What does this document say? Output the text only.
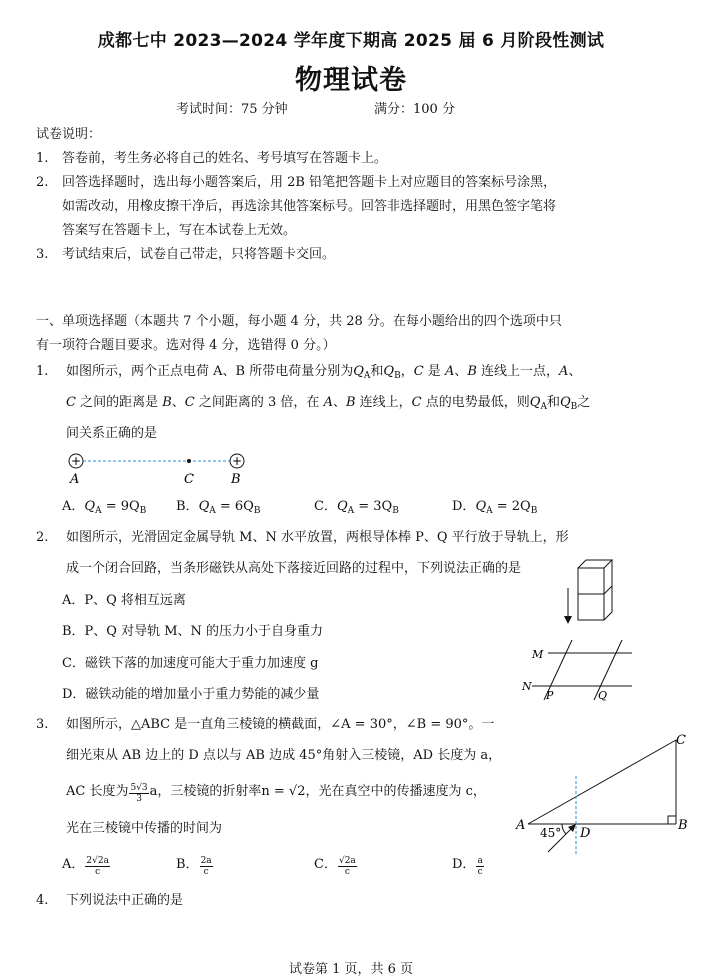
成都七中 2023—2024 学年度下期高 2025 届 6 月阶段性测试
物理试卷
考试时间：75 分钟	满分：100 分
试卷说明：
1. 答卷前，考生务必将自己的姓名、考号填写在答题卡上。
2. 回答选择题时，选出每小题答案后，用 2B 铅笔把答题卡上对应题目的答案标号涂黑，
如需改动，用橡皮擦干净后，再选涂其他答案标号。回答非选择题时，用黑色签字笔将
答案写在答题卡上，写在本试卷上无效。
3. 考试结束后，试卷自己带走，只将答题卡交回。
一、单项选择题（本题共 7 个小题，每小题 4 分，共 28 分。在每小题给出的四个选项中只
有一项符合题目要求。选对得 4 分，选错得 0 分。）
1. 如图所示，两个正点电荷 A、B 所带电荷量分别为$Q_A$和$Q_B$，C 是 A、B 连线上一点，A、
C 之间的距离是 B、C 之间距离的 3 倍，在 A、B 连线上，C 点的电势最低，则$Q_A$和$Q_B$之
间关系正确的是
+	+
A	C	B
A．$Q_A = 9Q_B$ B．$Q_A = 6Q_B$	C．$Q_A = 3Q_B$	D．$Q_A = 2Q_B$
2. 如图所示，光滑固定金属导轨 M、N 水平放置，两根导体棒 P、Q 平行放于导轨上，形
成一个闭合回路，当条形磁铁从高处下落接近回路的过程中，下列说法正确的是
A．P、Q 将相互远离
B．P、Q 对导轨 M、N 的压力小于自身重力
C．磁铁下落的加速度可能大于重力加速度 g
D．磁铁动能的增加量小于重力势能的减少量
M
N
P	Q
3. 如图所示，△ABC 是一直角三棱镜的横截面，∠A = 30°，∠B = 90°。一
细光束从 AB 边上的 D 点以与 AB 边成 45°角射入三棱镜，AD 长度为 a，
AC 长度为 $\frac{5√3}{3}$ a，三棱镜的折射率n = √2，光在真空中的传播速度为 c，
光在三棱镜中传播的时间为
A． $\frac{2√2a}{c}$	B． $\frac{2a}{c}$	C． $\frac{√2a}{c}$	D． $\frac{a}{c}$
A	B
C
D
45°
4. 下列说法中正确的是
试卷第 1 页，共 6 页
